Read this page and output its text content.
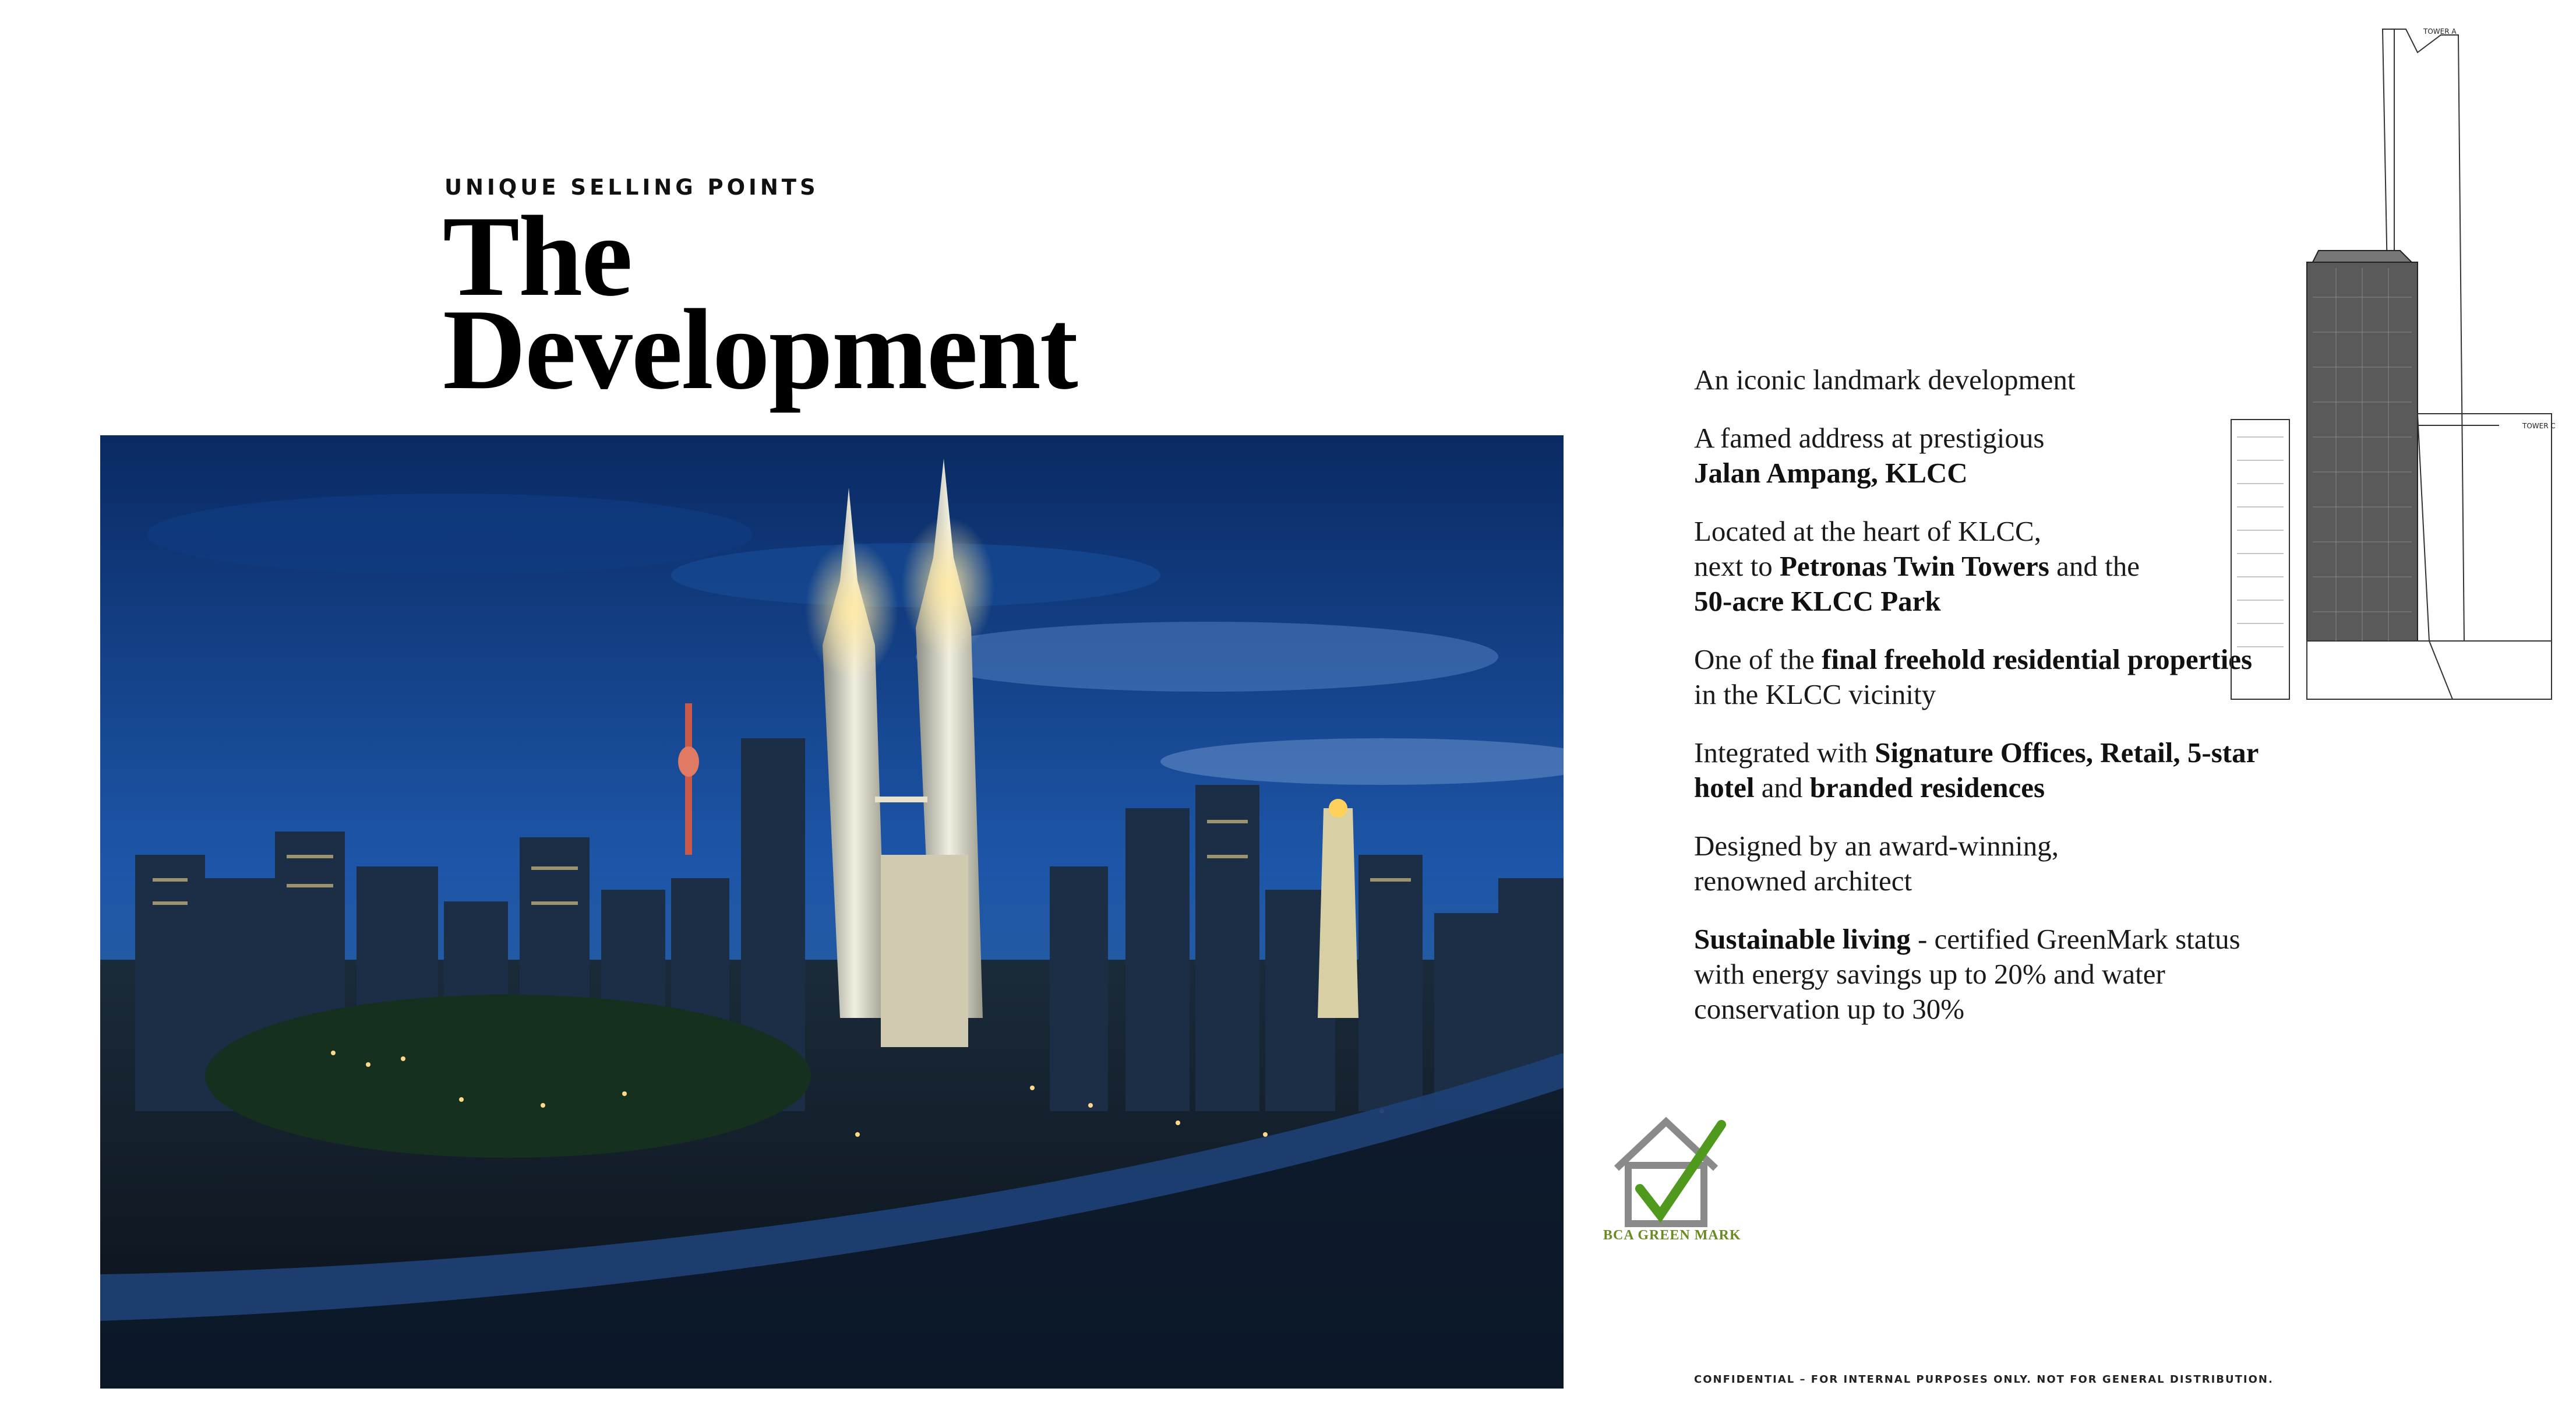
UNIQUE SELLING POINTS
The
Development	An iconic landmark development
A famed address at prestigious
Jalan Ampang, KLCC
Located at the heart of KLCC,
next to Petronas Twin Towers and the
50-acre KLCC Park
One of the final freehold residential properties in the KLCC vicinity
Integrated with Signature Offices, Retail, 5-star hotel and branded residences
Designed by an award-winning, renowned architect
Sustainable living - certified GreenMark status with energy savings up to 20% and water conservation up to 30%
BCA GREEN MARK
TOWER A
TOWER C
CONFIDENTIAL – FOR INTERNAL PURPOSES ONLY. NOT FOR GENERAL DISTRIBUTION.
